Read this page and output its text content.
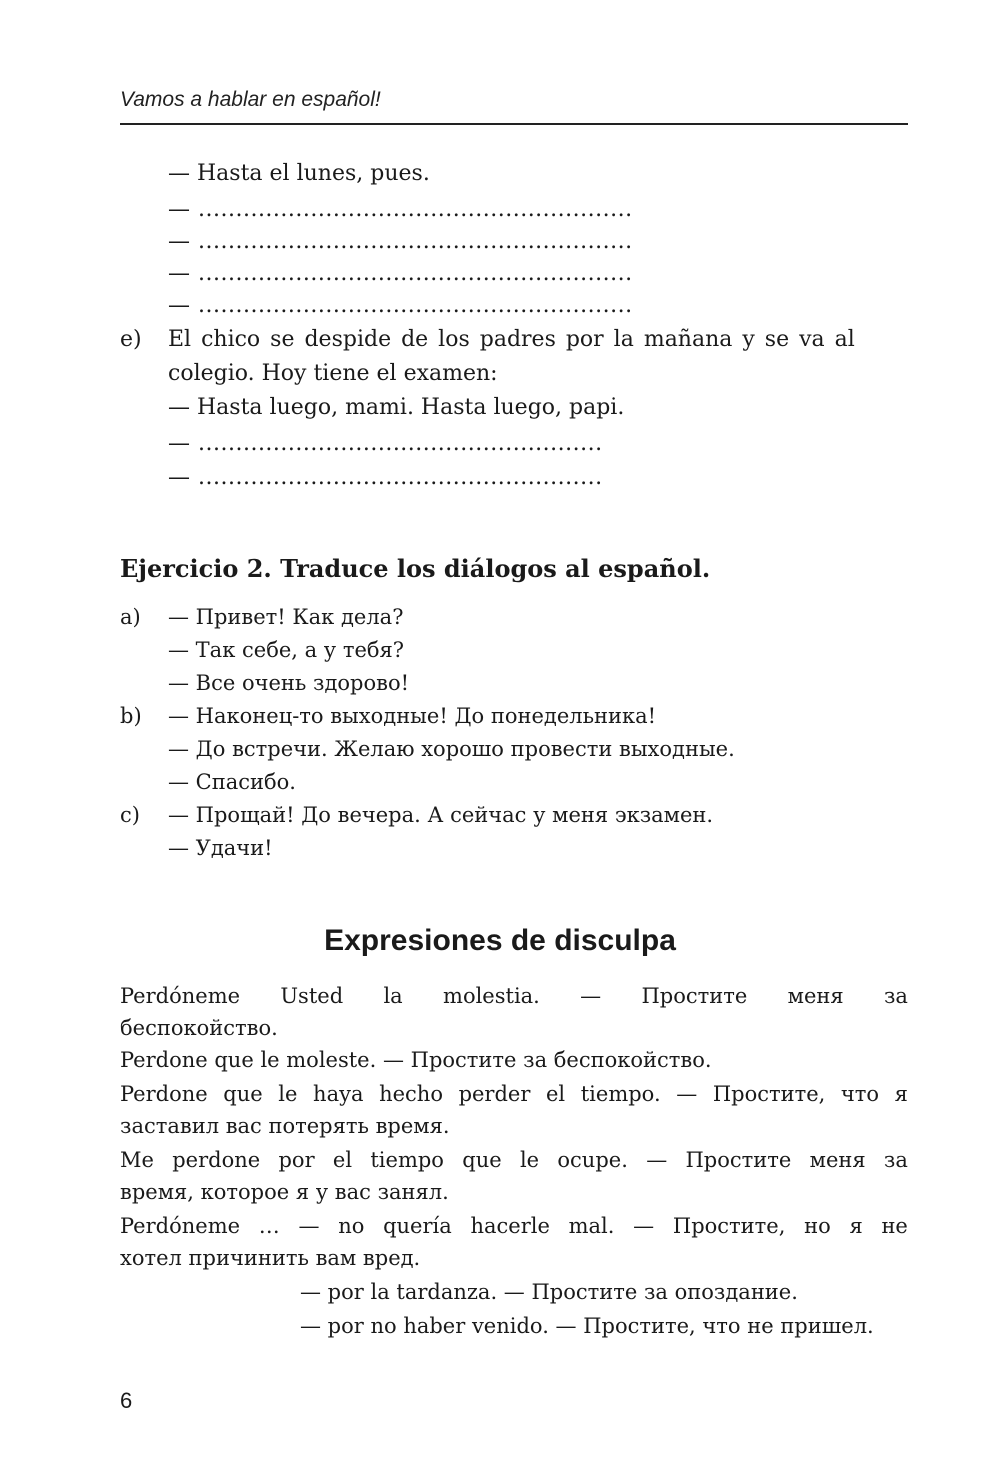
Vamos a hablar en español!
— Hasta el lunes, pues.
— ..........................................................
— ..........................................................
— ..........................................................
— ..........................................................
e) El chico se despide de los padres por la mañana y se va al
colegio. Hoy tiene el examen:
— Hasta luego, mami. Hasta luego, papi.
— ......................................................
— ......................................................
Ejercicio 2. Traduce los diálogos al español.
a) — Привет! Как дела?
— Так себе, а у тебя?
— Все очень здорово!
b) — Наконец-то выходные! До понедельника!
— До встречи. Желаю хорошо провести выходные.
— Спасибо.
c) — Прощай! До вечера. А сейчас у меня экзамен.
— Удачи!
Expresiones de disculpa
Perdóneme Usted la molestia. — Простите меня за
беспокойство.
Perdone que le moleste. — Простите за беспокойство.
Perdone que le haya hecho perder el tiempo. — Простите, что я
заставил вас потерять время.
Me perdone por el tiempo que le ocupe. — Простите меня за
время, которое я у вас занял.
Perdóneme … — no quería hacerle mal. — Простите, но я не
хотел причинить вам вред.
— por la tardanza. — Простите за опоздание.
— por no haber venido. — Простите, что не пришел.
6
